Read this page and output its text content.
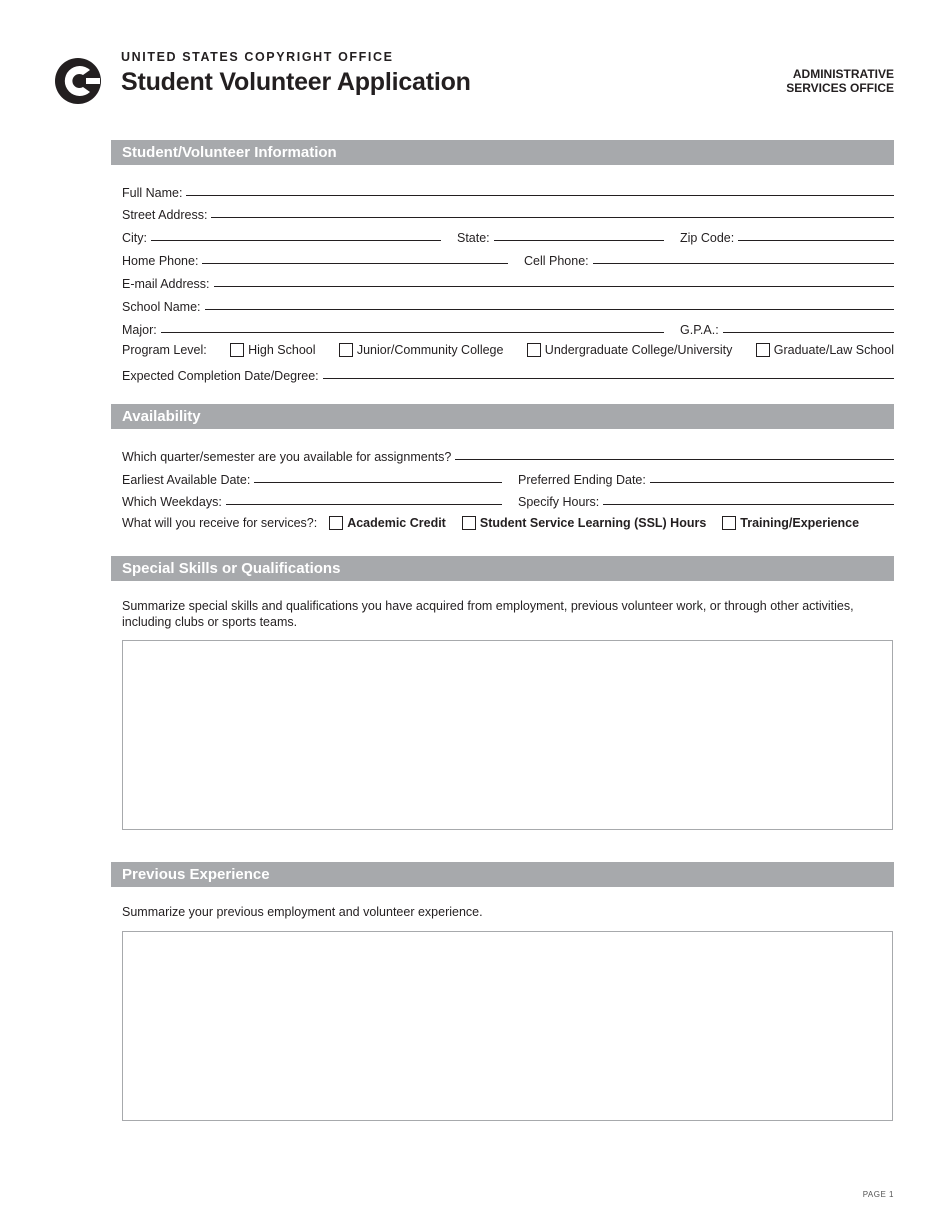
UNITED STATES COPYRIGHT OFFICE
Student Volunteer Application	ADMINISTRATIVE
SERVICES OFFICE
Student/Volunteer Information
Full Name:
Street Address:
City:	State:	Zip Code:
Home Phone:	Cell Phone:
E-mail Address:
School Name:
Major:	G.P.A.:
Program Level:	High School	Junior/Community College	Undergraduate College/University	Graduate/Law School
Expected Completion Date/Degree:
Availability
Which quarter/semester are you available for assignments?
Earliest Available Date:	Preferred Ending Date:
Which Weekdays:	Specify Hours:
What will you receive for services?: Academic Credit	Student Service Learning (SSL) Hours	Training/Experience
Special Skills or Qualifications
Summarize special skills and qualifications you have acquired from employment, previous volunteer work, or through other activities, including clubs or sports teams.
Previous Experience
Summarize your previous employment and volunteer experience.
PAGE 1
